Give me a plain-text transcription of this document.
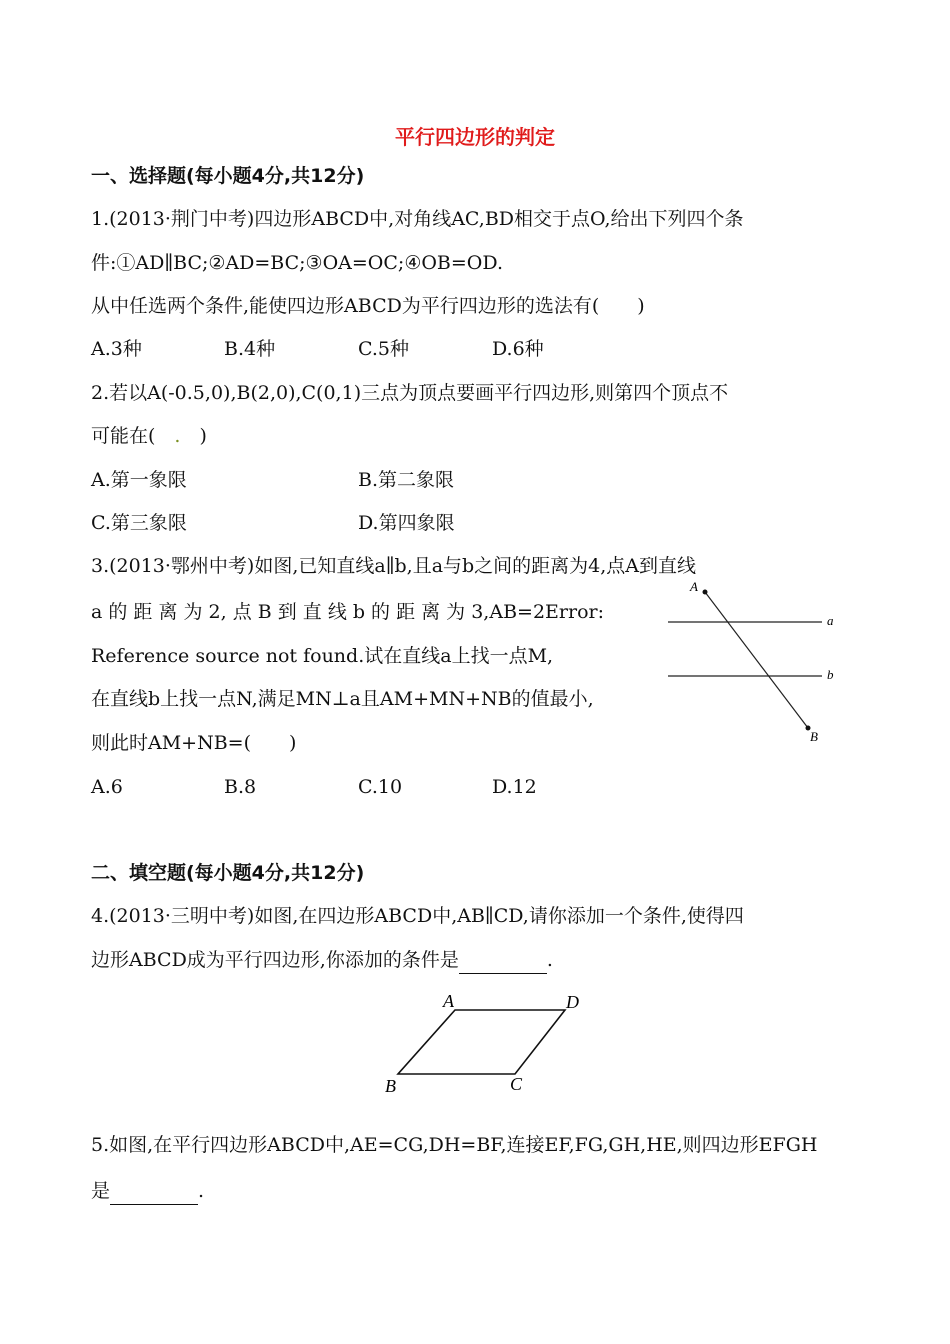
平行四边形的判定
一、选择题(每小题4分,共12分)
1.(2013·荆门中考)四边形ABCD中,对角线AC,BD相交于点O,给出下列四个条
件:①AD∥BC;②AD=BC;③OA=OC;④OB=OD.
从中任选两个条件,能使四边形ABCD为平行四边形的选法有(　　)
A.3种	B.4种	C.5种	D.6种
2.若以A(-0.5,0),B(2,0),C(0,1)三点为顶点要画平行四边形,则第四个顶点不
可能在(　.　)
A.第一象限	B.第二象限
C.第三象限	D.第四象限
3.(2013·鄂州中考)如图,已知直线a∥b,且a与b之间的距离为4,点A到直线
a 的 距 离 为 2, 点 B 到 直 线 b 的 距 离 为 3,AB=2Error:
Reference source not found.试在直线a上找一点M,
在直线b上找一点N,满足MN⊥a且AM+MN+NB的值最小,
则此时AM+NB=(　　)
A
B
a
b
A.6	B.8	C.10	D.12
二、填空题(每小题4分,共12分)
4.(2013·三明中考)如图,在四边形ABCD中,AB∥CD,请你添加一个条件,使得四
边形ABCD成为平行四边形,你添加的条件是	.
A	D
B	C
5.如图,在平行四边形ABCD中,AE=CG,DH=BF,连接EF,FG,GH,HE,则四边形EFGH
是	.
